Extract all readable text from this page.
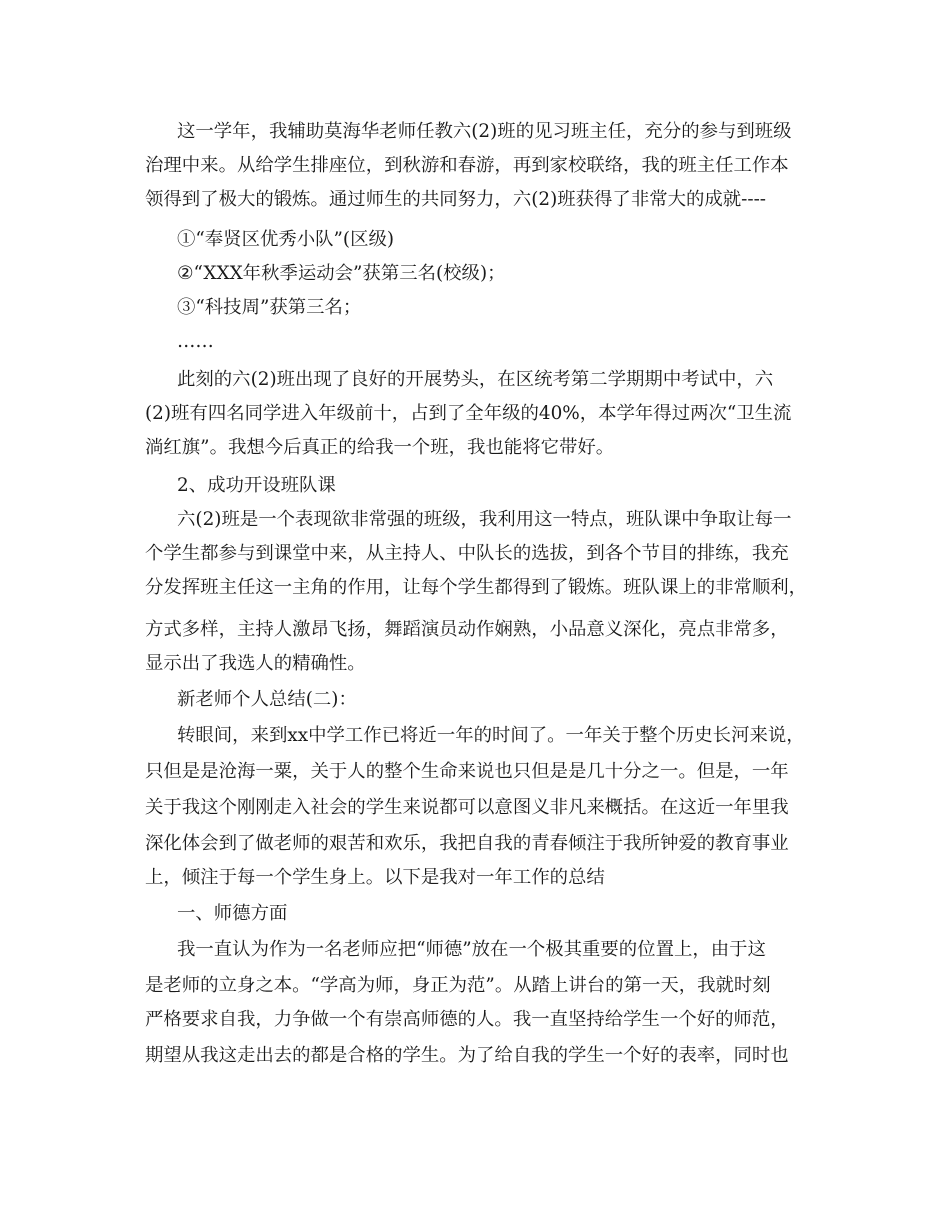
这一学年，我辅助莫海华老师任教六(2)班的见习班主任，充分的参与到班级
治理中来。从给学生排座位，到秋游和春游，再到家校联络，我的班主任工作本
领得到了极大的锻炼。通过师生的共同努力，六(2)班获得了非常大的成就----
①“奉贤区优秀小队”(区级)
②“XXX年秋季运动会”获第三名(校级)；
③“科技周”获第三名；
……
此刻的六(2)班出现了良好的开展势头，在区统考第二学期期中考试中，六
(2)班有四名同学进入年级前十，占到了全年级的40%，本学年得过两次“卫生流
淌红旗”。我想今后真正的给我一个班，我也能将它带好。
2、成功开设班队课
六(2)班是一个表现欲非常强的班级，我利用这一特点，班队课中争取让每一
个学生都参与到课堂中来，从主持人、中队长的选拔，到各个节目的排练，我充
分发挥班主任这一主角的作用，让每个学生都得到了锻炼。班队课上的非常顺利，
方式多样，主持人激昂飞扬，舞蹈演员动作娴熟，小品意义深化，亮点非常多，
显示出了我选人的精确性。
新老师个人总结(二)：
转眼间，来到xx中学工作已将近一年的时间了。一年关于整个历史长河来说，
只但是是沧海一粟，关于人的整个生命来说也只但是是几十分之一。但是，一年
关于我这个刚刚走入社会的学生来说都可以意图义非凡来概括。在这近一年里我
深化体会到了做老师的艰苦和欢乐，我把自我的青春倾注于我所钟爱的教育事业
上，倾注于每一个学生身上。以下是我对一年工作的总结
一、师德方面
我一直认为作为一名老师应把“师德”放在一个极其重要的位置上，由于这
是老师的立身之本。“学高为师，身正为范”。从踏上讲台的第一天，我就时刻
严格要求自我，力争做一个有崇高师德的人。我一直坚持给学生一个好的师范，
期望从我这走出去的都是合格的学生。为了给自我的学生一个好的表率，同时也
